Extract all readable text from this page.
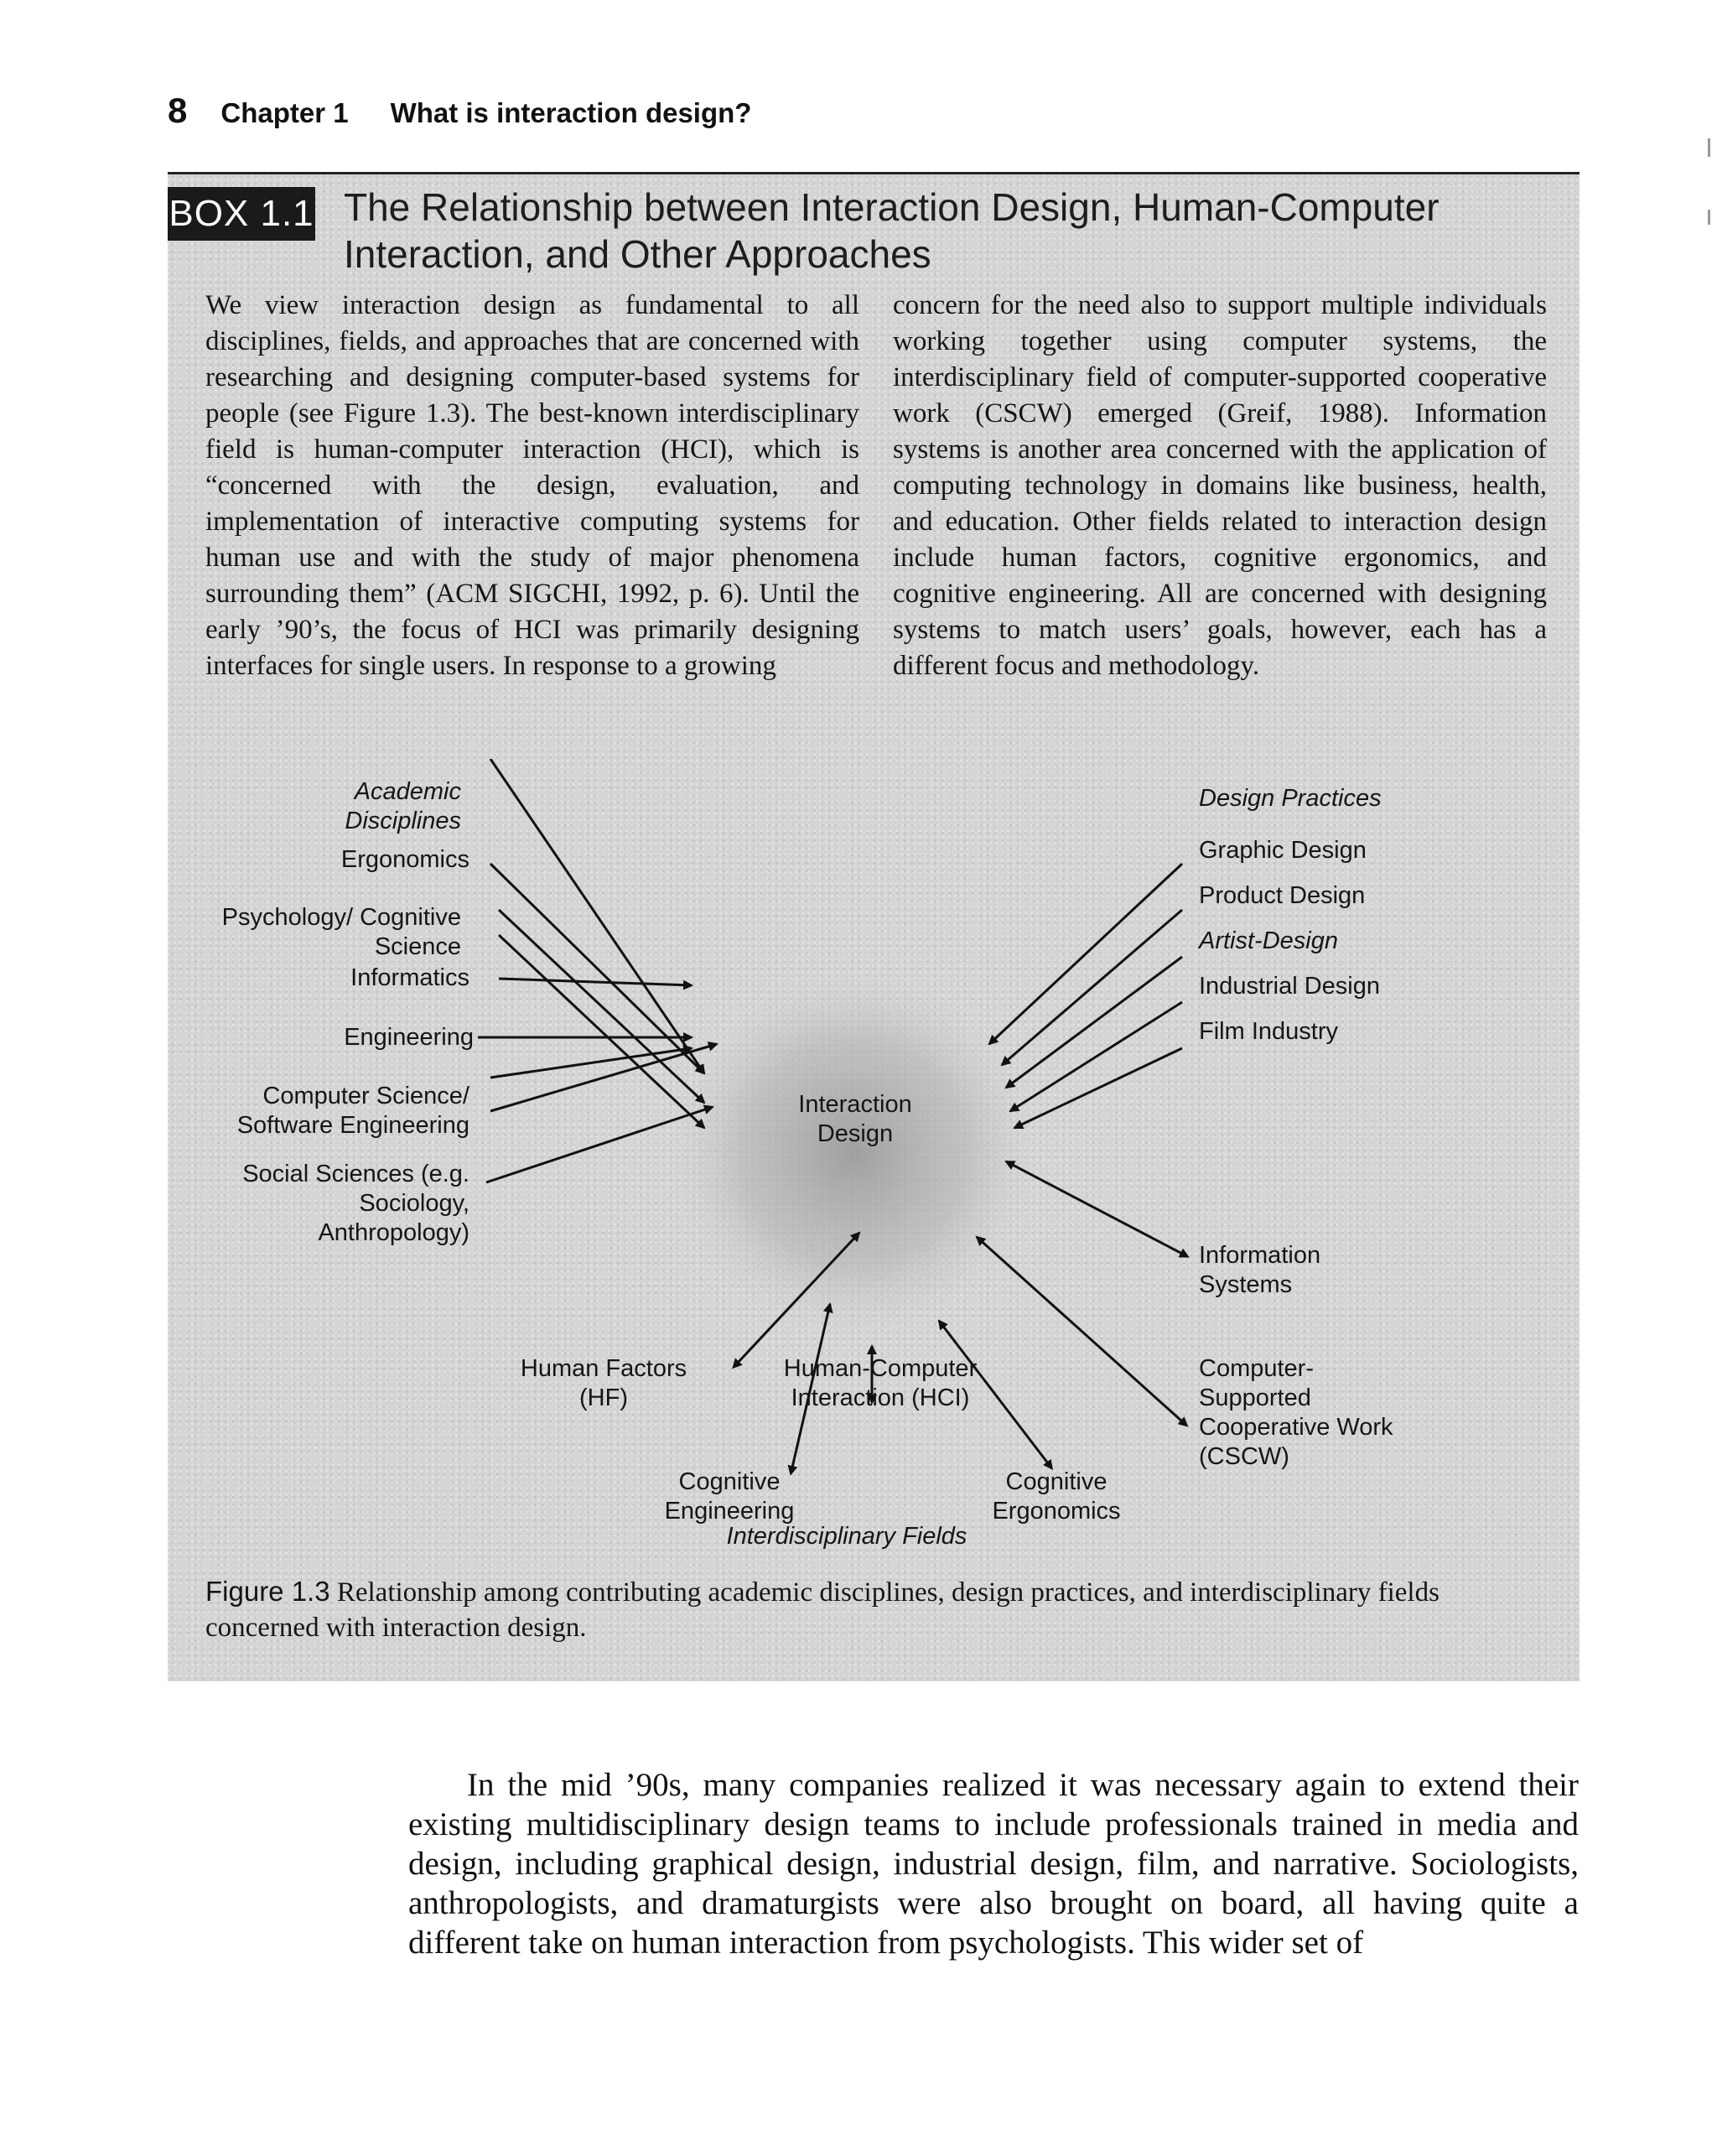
8 Chapter 1 What is interaction design?
BOX 1.1 The Relationship between Interaction Design, Human-Computer Interaction, and Other Approaches
We view interaction design as fundamental to all disciplines, fields, and approaches that are concerned with researching and designing computer-based systems for people (see Figure 1.3). The best-known interdisciplinary field is human-computer interaction (HCI), which is “concerned with the design, evaluation, and implementation of interactive computing systems for human use and with the study of major phenomena surrounding them” (ACM SIGCHI, 1992, p. 6). Until the early ’90’s, the focus of HCI was primarily designing interfaces for single users. In response to a growing
concern for the need also to support multiple individuals working together using computer systems, the interdisciplinary field of computer-supported cooperative work (CSCW) emerged (Greif, 1988). Information systems is another area concerned with the application of computing technology in domains like business, health, and education. Other fields related to interaction design include human factors, cognitive ergonomics, and cognitive engineering. All are concerned with designing systems to match users’ goals, however, each has a different focus and methodology.
Interaction Design
Academic Disciplines
Ergonomics
Psychology/ Cognitive Science
Informatics
Engineering
Computer Science/ Software Engineering
Social Sciences (e.g. Sociology, Anthropology)
Design Practices
Graphic Design
Product Design
Artist-Design
Industrial Design
Film Industry
Human Factors (HF)
Cognitive Engineering
Human-Computer Interaction (HCI)
Cognitive Ergonomics
Information Systems
Computer-Supported Cooperative Work (CSCW)
Interdisciplinary Fields
Figure 1.3 Relationship among contributing academic disciplines, design practices, and interdisciplinary fields concerned with interaction design.

In the mid ’90s, many companies realized it was necessary again to extend their existing multidisciplinary design teams to include professionals trained in media and design, including graphical design, industrial design, film, and narrative. Sociologists, anthropologists, and dramaturgists were also brought on board, all having quite a different take on human interaction from psychologists. This wider set of
